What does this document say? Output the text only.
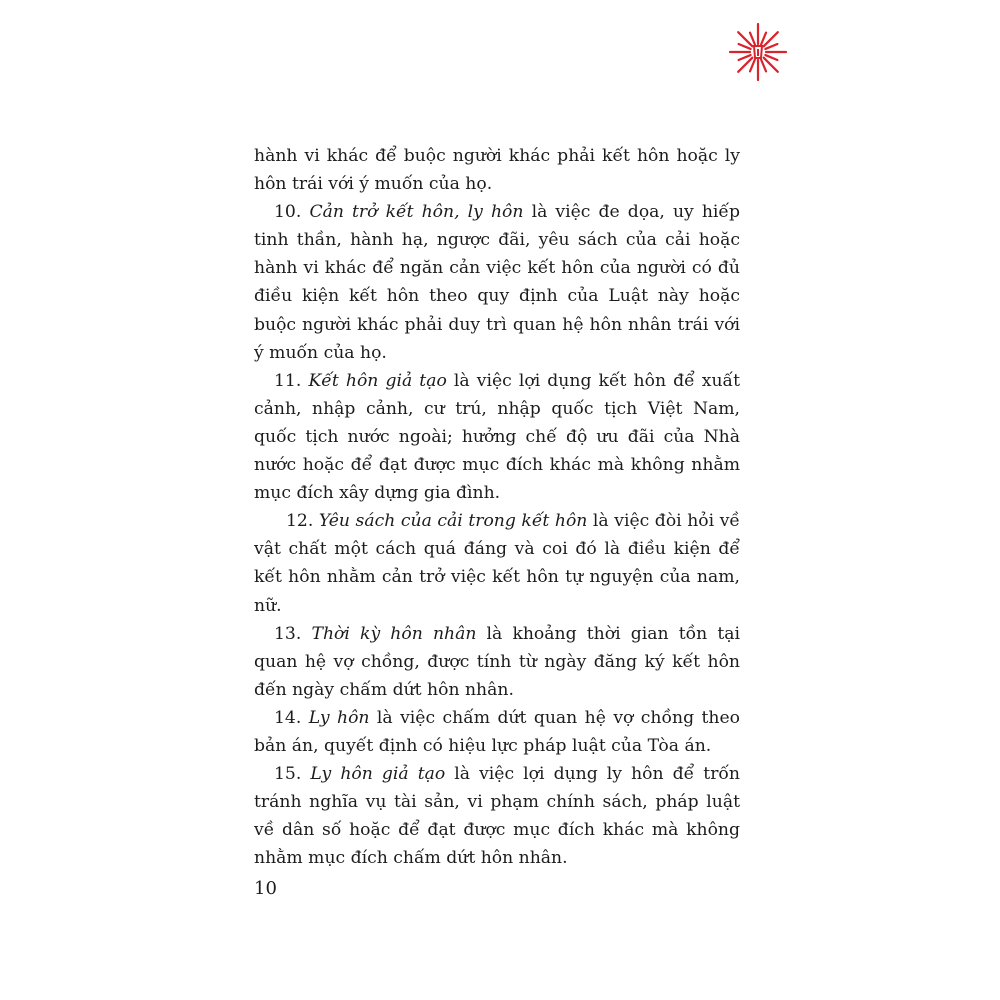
hành vi khác để buộc người khác phải kết hôn hoặc ly hôn trái với ý muốn của họ.

10. Cản trở kết hôn, ly hôn là việc đe dọa, uy hiếp tinh thần, hành hạ, ngược đãi, yêu sách của cải hoặc hành vi khác để ngăn cản việc kết hôn của người có đủ điều kiện kết hôn theo quy định của Luật này hoặc buộc người khác phải duy trì quan hệ hôn nhân trái với ý muốn của họ.

11. Kết hôn giả tạo là việc lợi dụng kết hôn để xuất cảnh, nhập cảnh, cư trú, nhập quốc tịch Việt Nam, quốc tịch nước ngoài; hưởng chế độ ưu đãi của Nhà nước hoặc để đạt được mục đích khác mà không nhằm mục đích xây dựng gia đình.

12. Yêu sách của cải trong kết hôn là việc đòi hỏi về vật chất một cách quá đáng và coi đó là điều kiện để kết hôn nhằm cản trở việc kết hôn tự nguyện của nam, nữ.

13. Thời kỳ hôn nhân là khoảng thời gian tồn tại quan hệ vợ chồng, được tính từ ngày đăng ký kết hôn đến ngày chấm dứt hôn nhân.

14. Ly hôn là việc chấm dứt quan hệ vợ chồng theo bản án, quyết định có hiệu lực pháp luật của Tòa án.

15. Ly hôn giả tạo là việc lợi dụng ly hôn để trốn tránh nghĩa vụ tài sản, vi phạm chính sách, pháp luật về dân số hoặc để đạt được mục đích khác mà không nhằm mục đích chấm dứt hôn nhân.

10
